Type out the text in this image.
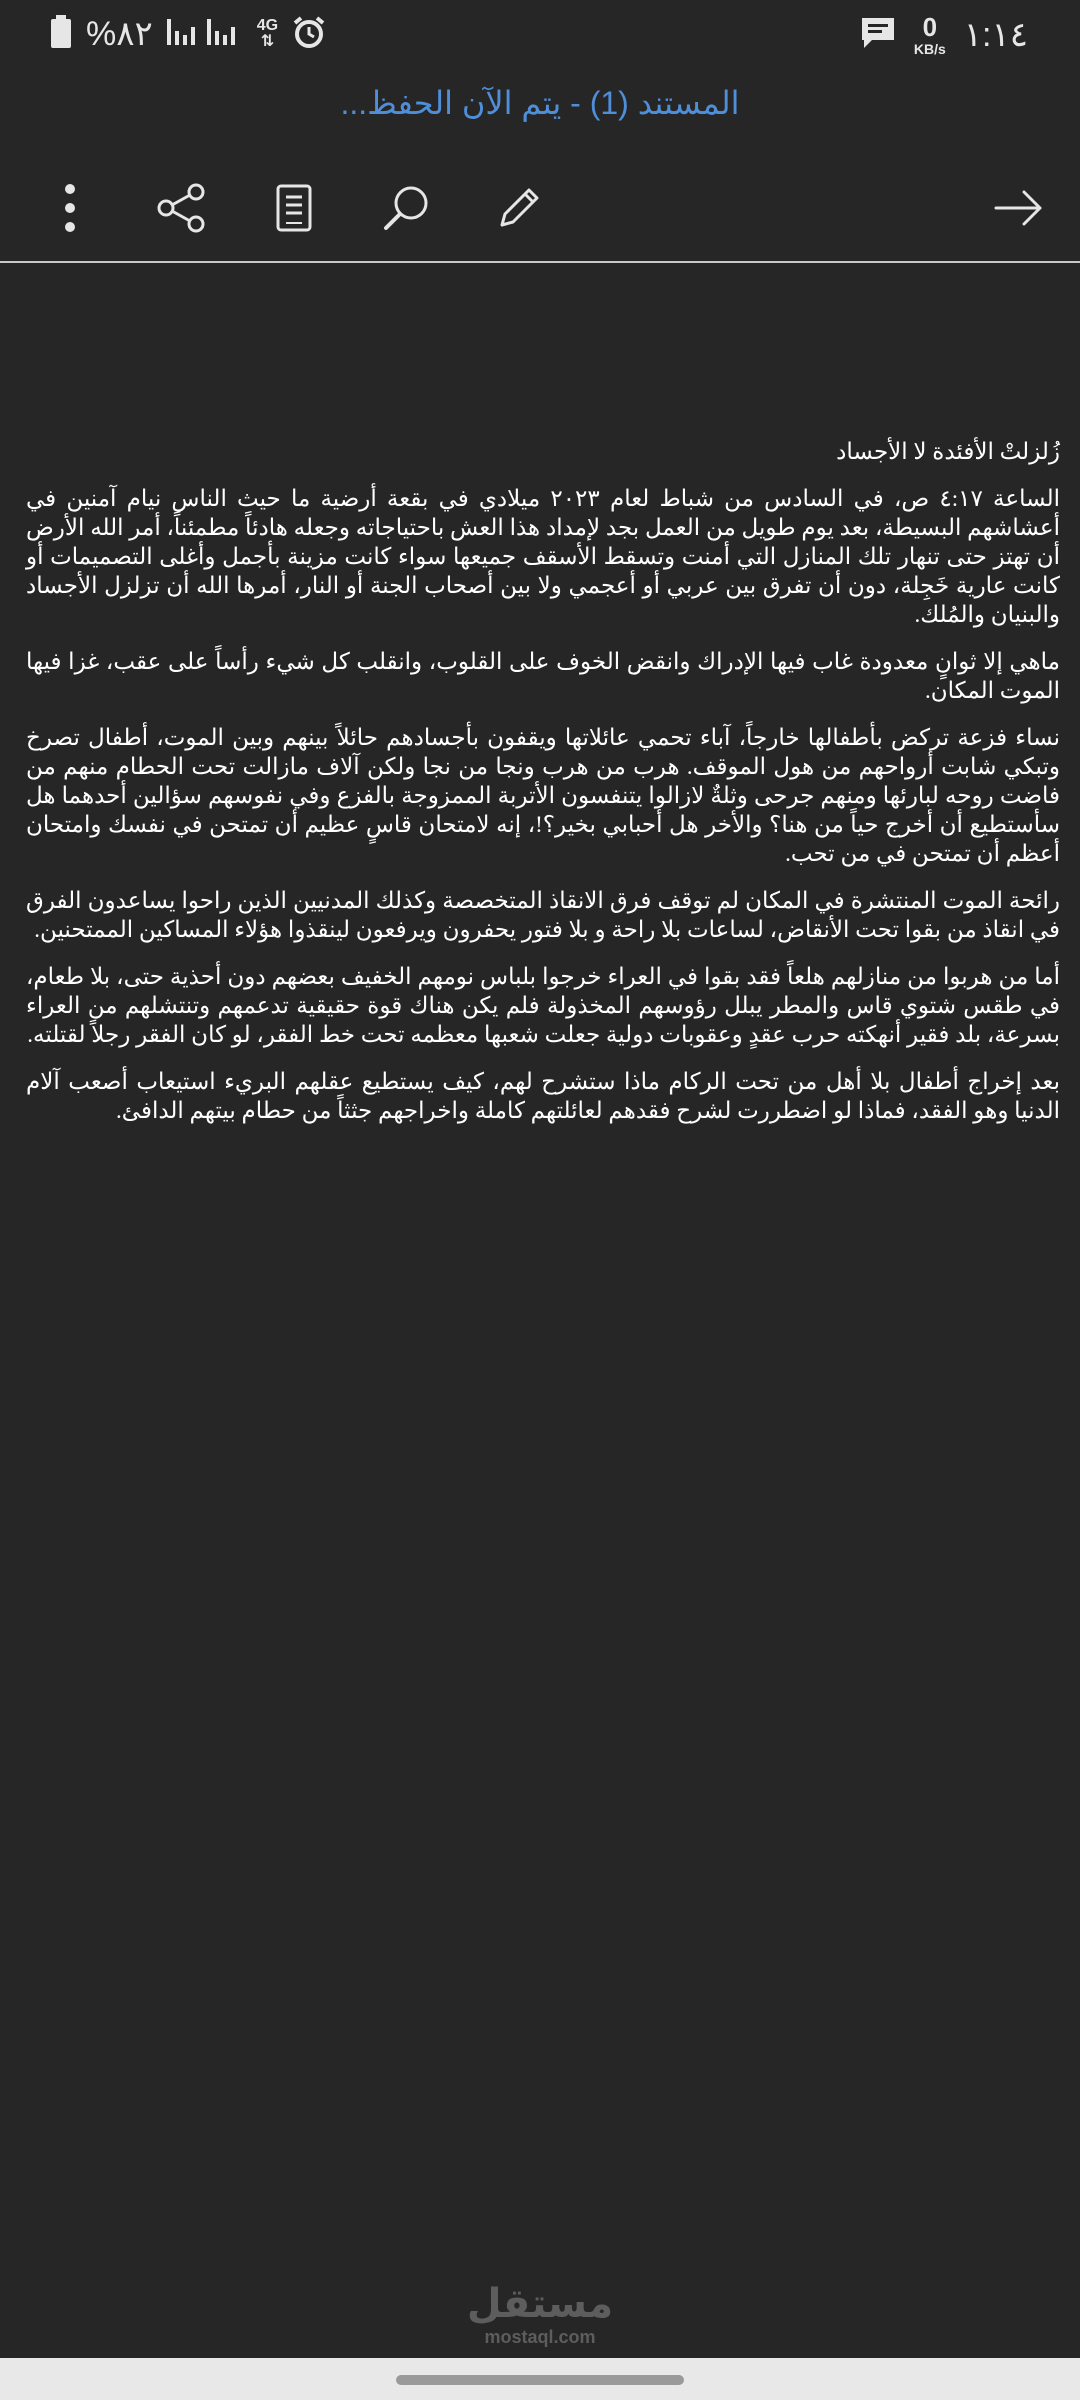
%٨٢	4G
⇅	0
KB/s ١:١٤
المستند (1) - يتم الآن الحفظ...
زُلزلتْ الأفئدة لا الأجساد

الساعة ٤:١٧ ص، في السادس من شباط لعام ٢٠٢٣ ميلادي في بقعة أرضية ما حيث الناس نيام آمنين في أعشاشهم البسيطة، بعد يوم طويل من العمل بجد لإمداد هذا العش باحتياجاته وجعله هادئاً مطمئناً، أمر الله الأرض أن تهتز حتى تنهار تلك المنازل التي أمنت وتسقط الأسقف جميعها سواء كانت مزينة بأجمل وأغلى التصميمات أو كانت عارية خَجِلة، دون أن تفرق بين عربي أو أعجمي ولا بين أصحاب الجنة أو النار، أمرها الله أن تزلزل الأجساد والبنيان والمُلك.

ماهي إلا ثوانٍ معدودة غاب فيها الإدراك وانقض الخوف على القلوب، وانقلب كل شيء رأساً على عقب، غزا فيها الموت المكان.

نساء فزعة تركض بأطفالها خارجاً، آباء تحمي عائلاتها ويقفون بأجسادهم حائلاً بينهم وبين الموت، أطفال تصرخ وتبكي شابت أرواحهم من هول الموقف. هرب من هرب ونجا من نجا ولكن آلاف مازالت تحت الحطام منهم من فاضت روحه لبارئها ومنهم جرحى وثلةٌ لازالوا يتنفسون الأتربة الممزوجة بالفزع وفي نفوسهم سؤالين أحدهما هل سأستطيع أن أخرج حياً من هنا؟ والأخر هل أحبابي بخير؟!، إنه لامتحان قاسٍ عظيم أن تمتحن في نفسك وامتحان أعظم أن تمتحن في من تحب.

رائحة الموت المنتشرة في المكان لم توقف فرق الانقاذ المتخصصة وكذلك المدنيين الذين راحوا يساعدون الفرق في انقاذ من بقوا تحت الأنقاض، لساعات بلا راحة و بلا فتور يحفرون ويرفعون لينقذوا هؤلاء المساكين الممتحنين.

أما من هربوا من منازلهم هلعاً فقد بقوا في العراء خرجوا بلباس نومهم الخفيف بعضهم دون أحذية حتى، بلا طعام، في طقس شتوي قاس والمطر يبلل رؤوسهم المخذولة فلم يكن هناك قوة حقيقية تدعمهم وتنتشلهم من العراء بسرعة، بلد فقير أنهكته حرب عقدٍ وعقوبات دولية جعلت شعبها معظمه تحت خط الفقر، لو كان الفقر رجلاً لقتلته.

بعد إخراج أطفال بلا أهل من تحت الركام ماذا ستشرح لهم، كيف يستطيع عقلهم البريء استيعاب أصعب آلام الدنيا وهو الفقد، فماذا لو اضطررت لشرح فقدهم لعائلتهم كاملة واخراجهم جثثاً من حطام بيتهم الدافئ.

مستقل
mostaql.com
